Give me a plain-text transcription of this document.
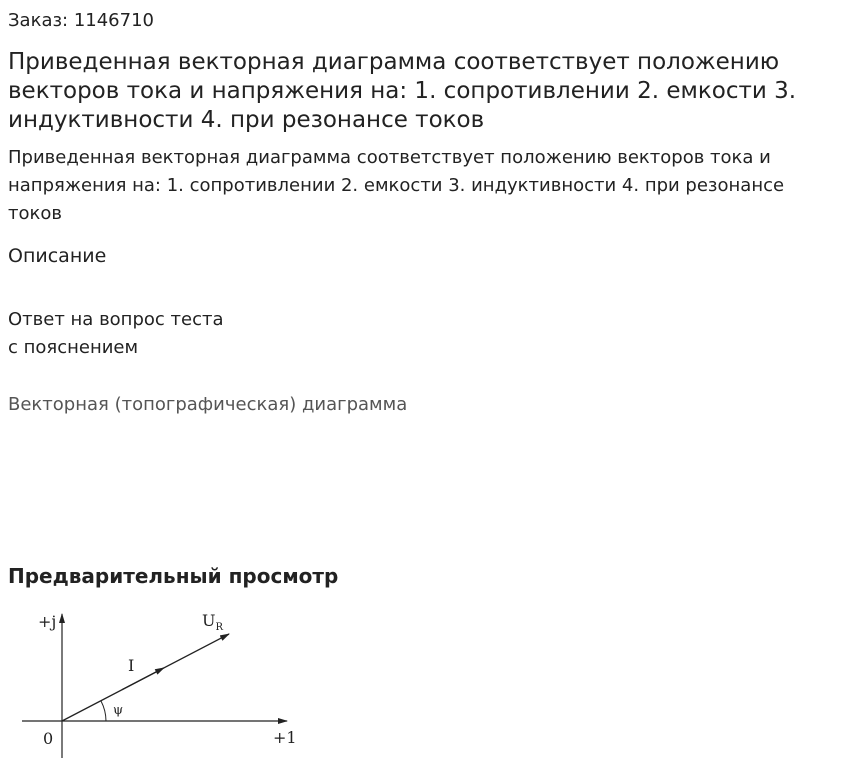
Заказ: 1146710
Приведенная векторная диаграмма соответствует положению векторов тока и напряжения на: 1. сопротивлении 2. емкости 3. индуктивности 4. при резонансе токов

Приведенная векторная диаграмма соответствует положению векторов тока и напряжения на: 1. сопротивлении 2. емкости 3. индуктивности 4. при резонансе токов

Описание
Ответ на вопрос теста
с пояснением
Векторная (топографическая) диаграмма
Предварительный просмотр
+j
+1
0
I
$U_R$
ψ
